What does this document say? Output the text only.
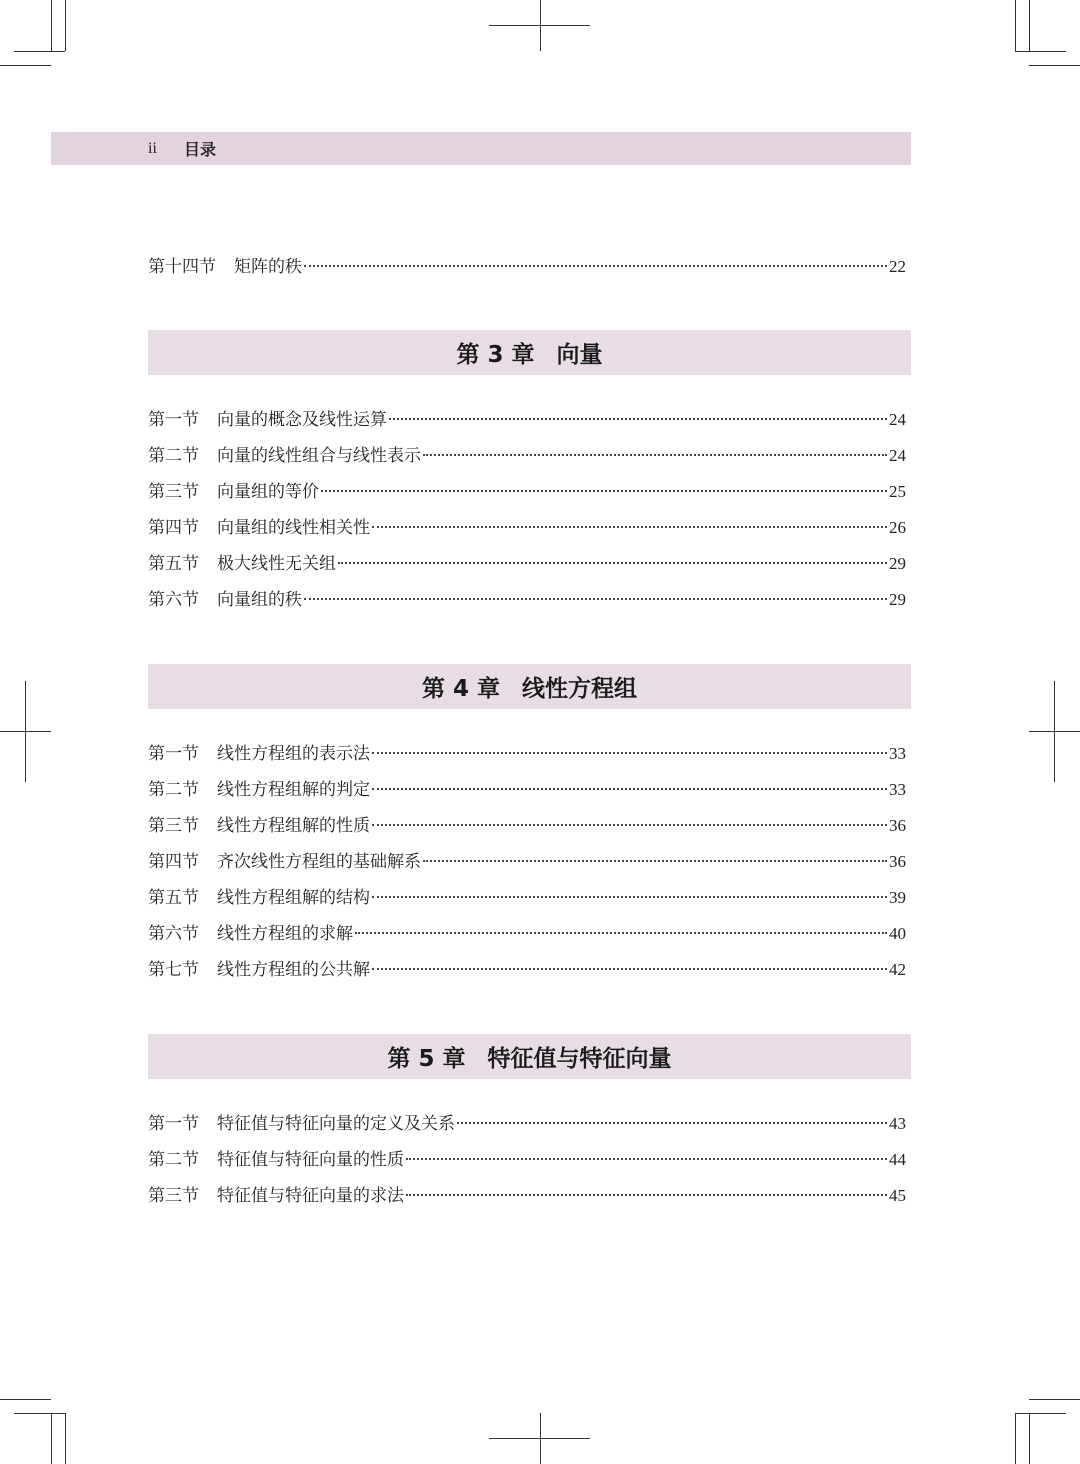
ii 目录
第十四节 矩阵的秩	22
第 3 章 向量
第一节 向量的概念及线性运算	24
第二节 向量的线性组合与线性表示	24
第三节 向量组的等价	25
第四节 向量组的线性相关性	26
第五节 极大线性无关组	29
第六节 向量组的秩	29
第 4 章 线性方程组
第一节 线性方程组的表示法	33
第二节 线性方程组解的判定	33
第三节 线性方程组解的性质	36
第四节 齐次线性方程组的基础解系	36
第五节 线性方程组解的结构	39
第六节 线性方程组的求解	40
第七节 线性方程组的公共解	42
第 5 章 特征值与特征向量
第一节 特征值与特征向量的定义及关系	43
第二节 特征值与特征向量的性质	44
第三节 特征值与特征向量的求法	45
